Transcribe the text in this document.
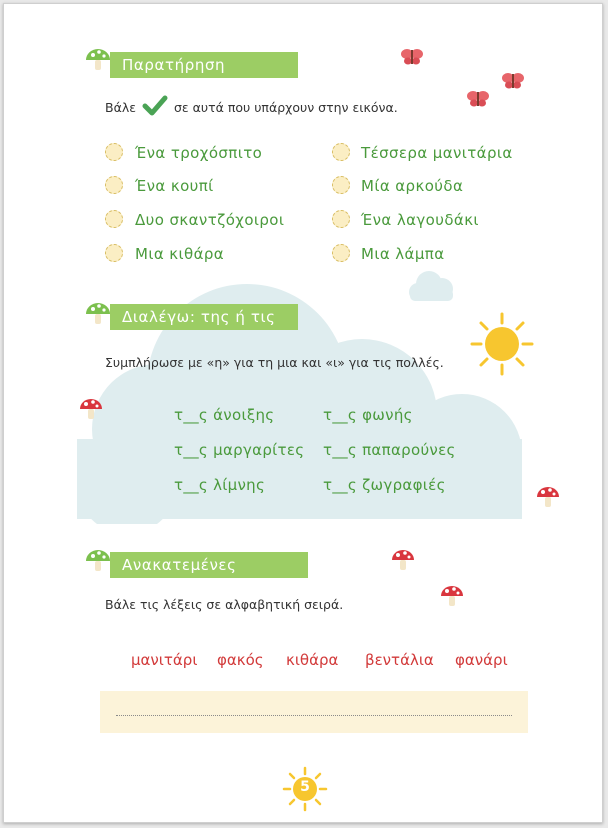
Παρατήρηση εικόνας
Βάλε	σε αυτά που υπάρχουν στην εικόνα.
Ένα τροχόσπιτο
Ένα κουπί
Δυο σκαντζόχοιροι
Μια κιθάρα
Τέσσερα μανιτάρια
Μία αρκούδα
Ένα λαγουδάκι
Μια λάμπα
Διαλέγω: της ή τις
Συμπλήρωσε με «η» για τη μια και «ι» για τις πολλές.
τ__ς άνοιξης
τ__ς μαργαρίτες
τ__ς λίμνης
τ__ς φωνής
τ__ς παπαρούνες
τ__ς ζωγραφιές
Ανακατεμένες λέξεις!
Βάλε τις λέξεις σε αλφαβητική σειρά.
μανιτάρι φακός κιθάρα βεντάλια φανάρι
5
